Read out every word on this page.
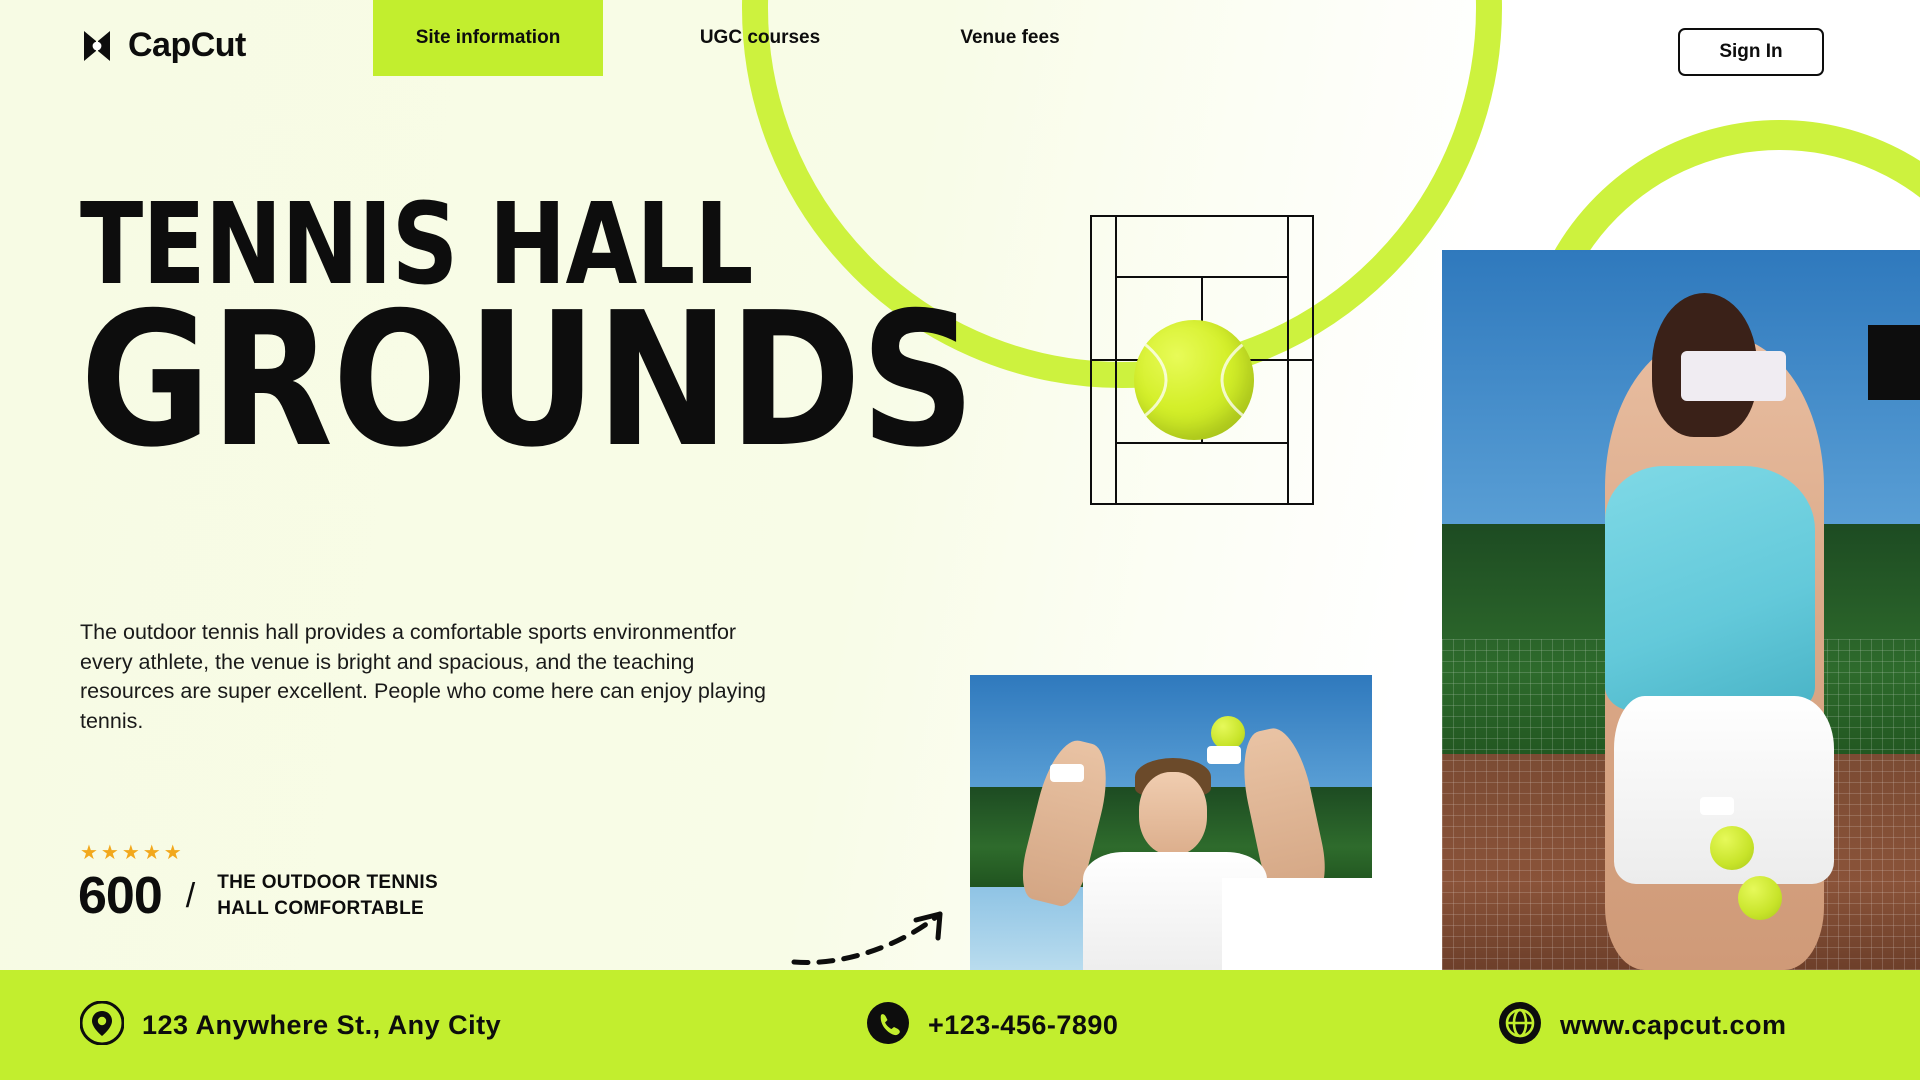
CapCut	Site information	UGC courses	Venue fees
Sign In
TENNIS HALL
GROUNDS

The outdoor tennis hall provides a comfortable sports environmentfor every athlete, the venue is bright and spacious, and the teaching resources are super excellent. People who come here can enjoy playing tennis.

★★★★★
600 / THE OUTDOOR TENNIS
HALL COMFORTABLE
123 Anywhere St., Any City	+123-456-7890	www.capcut.com
